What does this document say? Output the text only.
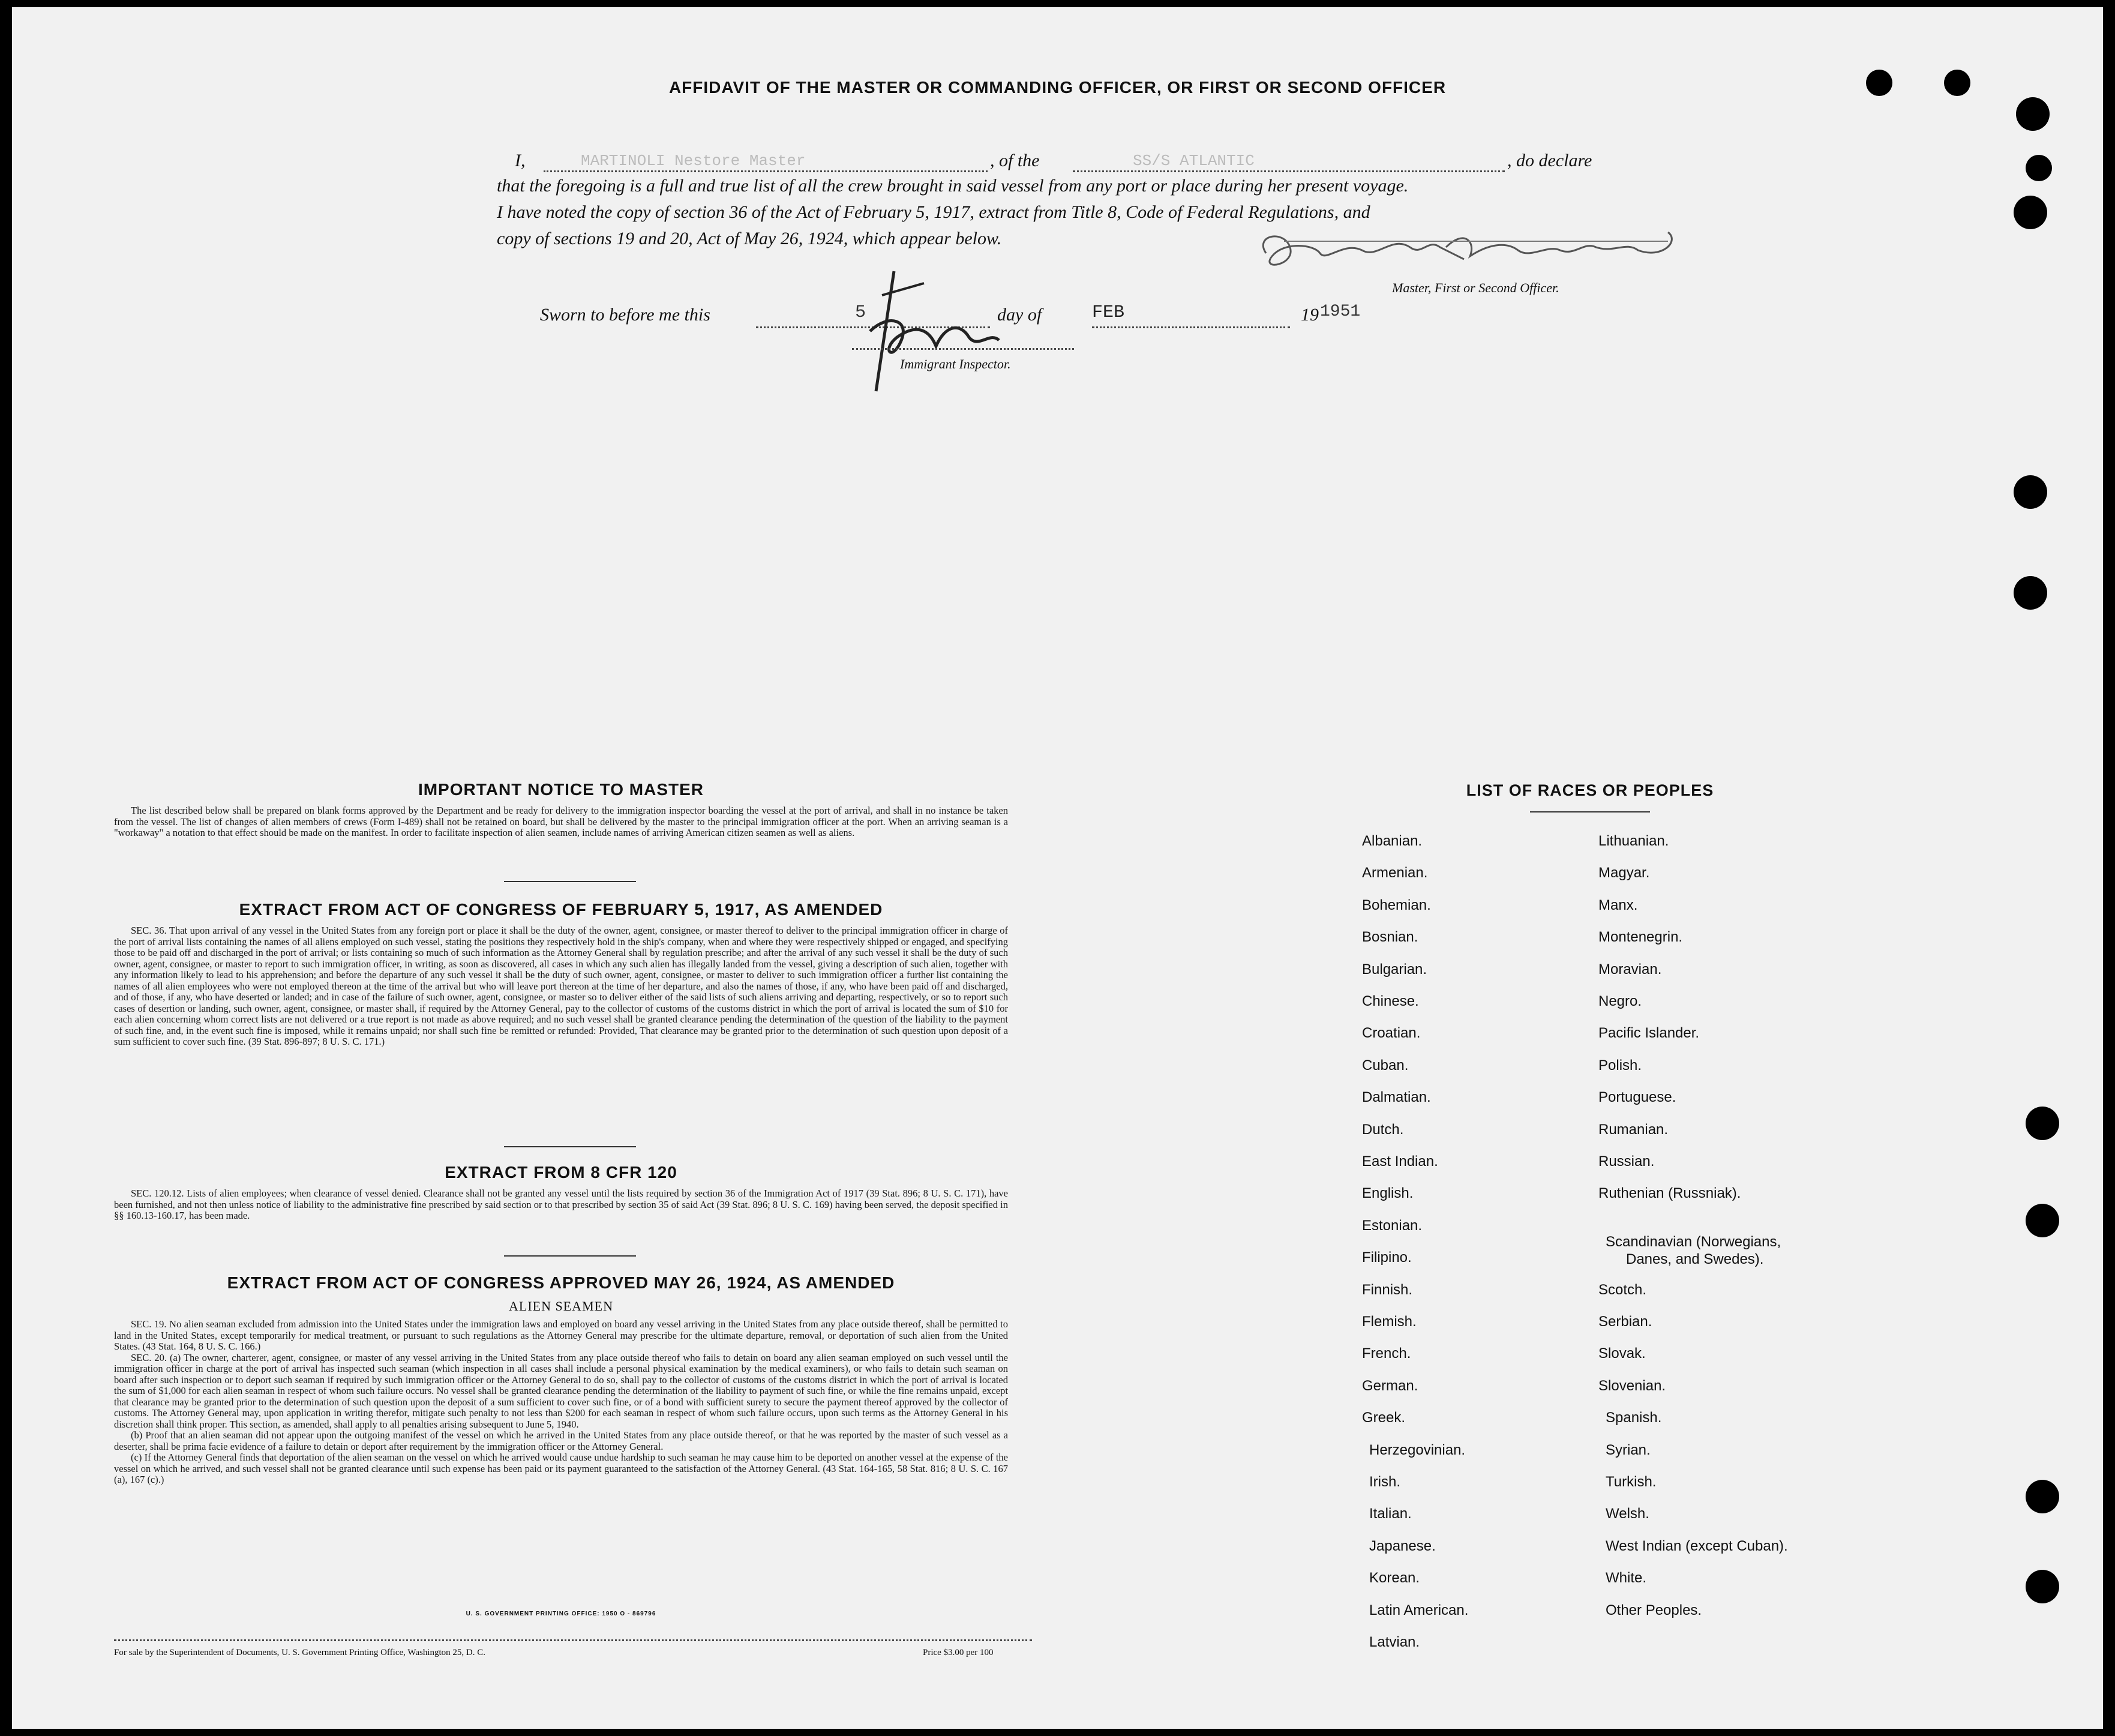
AFFIDAVIT OF THE MASTER OR COMMANDING OFFICER, OR FIRST OR SECOND OFFICER
I,	MARTINOLI Nestore Master	, of the	SS/S ATLANTIC	, do declare
that the foregoing is a full and true list of all the crew brought in said vessel from any port or place during her present voyage.
I have noted the copy of section 36 of the Act of February 5, 1917, extract from Title 8, Code of Federal Regulations, and
copy of sections 19 and 20, Act of May 26, 1924, which appear below.
Master, First or Second Officer.
Sworn to before me this	5	day of	FEB	19 1951
Immigrant Inspector.
IMPORTANT NOTICE TO MASTER

The list described below shall be prepared on blank forms approved by the Department and be ready for delivery to the immigration inspector boarding the vessel at the port of arrival, and shall in no instance be taken from the vessel. The list of changes of alien members of crews (Form I-489) shall not be retained on board, but shall be delivered by the master to the principal immigration officer at the port. When an arriving seaman is a "workaway" a notation to that effect should be made on the manifest. In order to facilitate inspection of alien seamen, include names of arriving American citizen seamen as well as aliens.

EXTRACT FROM ACT OF CONGRESS OF FEBRUARY 5, 1917, AS AMENDED

SEC. 36. That upon arrival of any vessel in the United States from any foreign port or place it shall be the duty of the owner, agent, consignee, or master thereof to deliver to the principal immigration officer in charge of the port of arrival lists containing the names of all aliens employed on such vessel, stating the positions they respectively hold in the ship's company, when and where they were respectively shipped or engaged, and specifying those to be paid off and discharged in the port of arrival; or lists containing so much of such information as the Attorney General shall by regulation prescribe; and after the arrival of any such vessel it shall be the duty of such owner, agent, consignee, or master to report to such immigration officer, in writing, as soon as discovered, all cases in which any such alien has illegally landed from the vessel, giving a description of such alien, together with any information likely to lead to his apprehension; and before the departure of any such vessel it shall be the duty of such owner, agent, consignee, or master to deliver to such immigration officer a further list containing the names of all alien employees who were not employed thereon at the time of the arrival but who will leave port thereon at the time of her departure, and also the names of those, if any, who have been paid off and discharged, and of those, if any, who have deserted or landed; and in case of the failure of such owner, agent, consignee, or master so to deliver either of the said lists of such aliens arriving and departing, respectively, or so to report such cases of desertion or landing, such owner, agent, consignee, or master shall, if required by the Attorney General, pay to the collector of customs of the customs district in which the port of arrival is located the sum of $10 for each alien concerning whom correct lists are not delivered or a true report is not made as above required; and no such vessel shall be granted clearance pending the determination of the question of the liability to the payment of such fine, and, in the event such fine is imposed, while it remains unpaid; nor shall such fine be remitted or refunded: Provided, That clearance may be granted prior to the determination of such question upon deposit of a sum sufficient to cover such fine. (39 Stat. 896-897; 8 U. S. C. 171.)

EXTRACT FROM 8 CFR 120

SEC. 120.12. Lists of alien employees; when clearance of vessel denied. Clearance shall not be granted any vessel until the lists required by section 36 of the Immigration Act of 1917 (39 Stat. 896; 8 U. S. C. 171), have been furnished, and not then unless notice of liability to the administrative fine prescribed by said section or to that prescribed by section 35 of said Act (39 Stat. 896; 8 U. S. C. 169) having been served, the deposit specified in §§ 160.13-160.17, has been made.

EXTRACT FROM ACT OF CONGRESS APPROVED MAY 26, 1924, AS AMENDED
ALIEN SEAMEN

SEC. 19. No alien seaman excluded from admission into the United States under the immigration laws and employed on board any vessel arriving in the United States from any place outside thereof, shall be permitted to land in the United States, except temporarily for medical treatment, or pursuant to such regulations as the Attorney General may prescribe for the ultimate departure, removal, or deportation of such alien from the United States. (43 Stat. 164, 8 U. S. C. 166.)

SEC. 20. (a) The owner, charterer, agent, consignee, or master of any vessel arriving in the United States from any place outside thereof who fails to detain on board any alien seaman employed on such vessel until the immigration officer in charge at the port of arrival has inspected such seaman (which inspection in all cases shall include a personal physical examination by the medical examiners), or who fails to detain such seaman on board after such inspection or to deport such seaman if required by such immigration officer or the Attorney General to do so, shall pay to the collector of customs of the customs district in which the port of arrival is located the sum of $1,000 for each alien seaman in respect of whom such failure occurs. No vessel shall be granted clearance pending the determination of the liability to payment of such fine, or while the fine remains unpaid, except that clearance may be granted prior to the determination of such question upon the deposit of a sum sufficient to cover such fine, or of a bond with sufficient surety to secure the payment thereof approved by the collector of customs. The Attorney General may, upon application in writing therefor, mitigate such penalty to not less than $200 for each seaman in respect of whom such failure occurs, upon such terms as the Attorney General in his discretion shall think proper. This section, as amended, shall apply to all penalties arising subsequent to June 5, 1940.

(b) Proof that an alien seaman did not appear upon the outgoing manifest of the vessel on which he arrived in the United States from any place outside thereof, or that he was reported by the master of such vessel as a deserter, shall be prima facie evidence of a failure to detain or deport after requirement by the immigration officer or the Attorney General.

(c) If the Attorney General finds that deportation of the alien seaman on the vessel on which he arrived would cause undue hardship to such seaman he may cause him to be deported on another vessel at the expense of the vessel on which he arrived, and such vessel shall not be granted clearance until such expense has been paid or its payment guaranteed to the satisfaction of the Attorney General. (43 Stat. 164-165, 58 Stat. 816; 8 U. S. C. 167 (a), 167 (c).)

U. S. GOVERNMENT PRINTING OFFICE: 1950 O - 869796
For sale by the Superintendent of Documents, U. S. Government Printing Office, Washington 25, D. C.	Price $3.00 per 100
LIST OF RACES OR PEOPLES
Albanian.
Armenian.
Bohemian.
Bosnian.
Bulgarian.
Chinese.
Croatian.
Cuban.
Dalmatian.
Dutch.
East Indian.
English.
Estonian.
Filipino.
Finnish.
Flemish.
French.
German.
Greek.
Herzegovinian.
Irish.
Italian.
Japanese.
Korean.
Latin American.
Latvian.
Lithuanian.
Magyar.
Manx.
Montenegrin.
Moravian.
Negro.
Pacific Islander.
Polish.
Portuguese.
Rumanian.
Russian.
Ruthenian (Russniak).
Scandinavian (Norwegians,
Danes, and Swedes).
Scotch.
Serbian.
Slovak.
Slovenian.
Spanish.
Syrian.
Turkish.
Welsh.
West Indian (except Cuban).
White.
Other Peoples.
